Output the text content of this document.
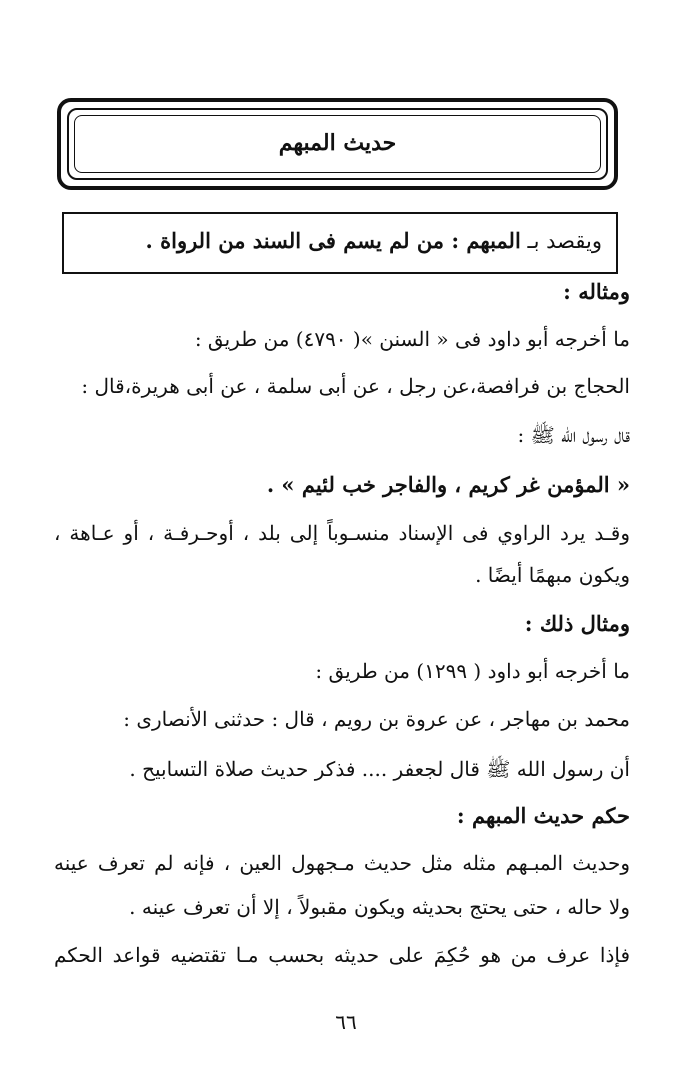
حديث المبهم
ويقصد بـ المبهم : من لم يسم فى السند من الرواة .
ومثاله :
ما أخرجه أبو داود فى « السنن »( ٤٧٩٠) من طريق :
الحجاج بن فرافصة،عن رجل ، عن أبى سلمة ، عن أبى هريرة،قال :
قال رسول الله ﷺ :
« المؤمن غر كريم ، والفاجر خب لئيم » .
وقـد يرد الراوي فى الإسناد منسـوباً إلى بلد ، أوحـرفـة ، أو عـاهة ،
ويكون مبهمًا أيضًا .
ومثال ذلك :
ما أخرجه أبو داود ( ١٢٩٩) من طريق :
محمد بن مهاجر ، عن عروة بن رويم ، قال : حدثنى الأنصارى :
أن رسول الله ﷺ قال لجعفر .... فذكر حديث صلاة التسابيح .
حكم حديث المبهم :
وحديث المبـهم مثله مثل حديث مـجهول العين ، فإنه لم تعرف عينه
ولا حاله ، حتى يحتج بحديثه ويكون مقبولاً ، إلا أن تعرف عينه .
فإذا عرف من هو حُكِمَ على حديثه بحسب مـا تقتضيه قواعد الحكم
٦٦
